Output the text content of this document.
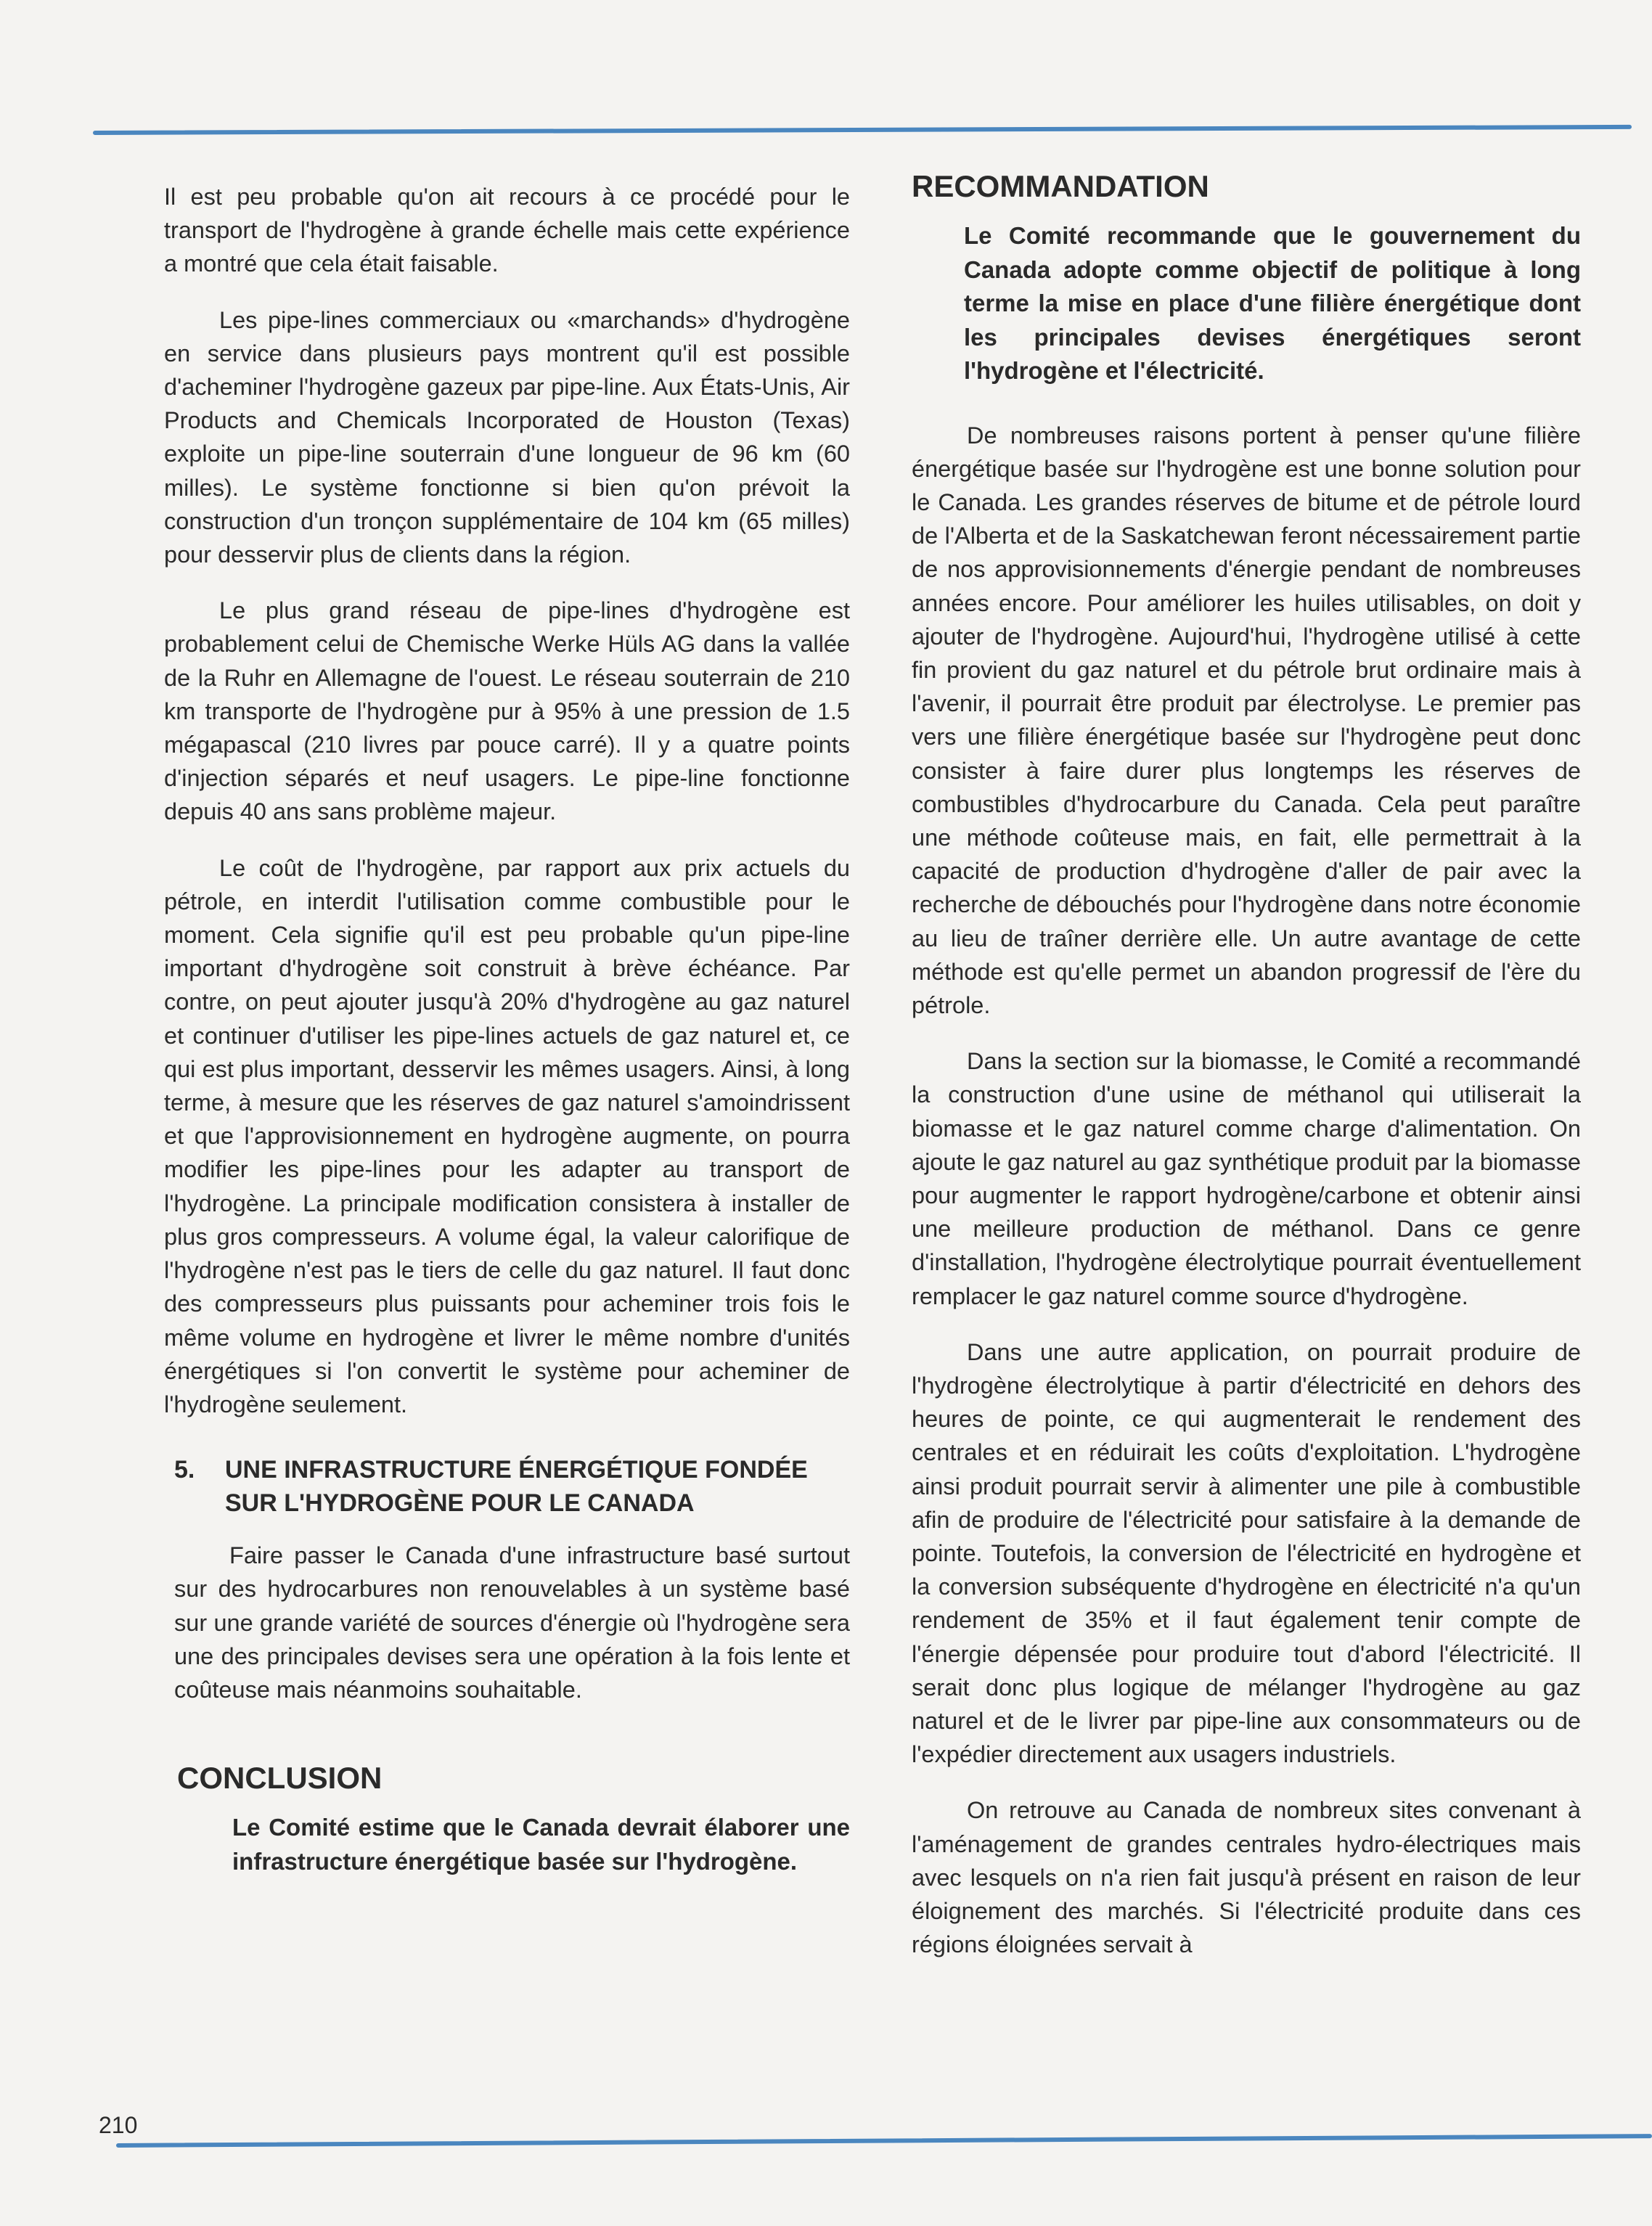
Il est peu probable qu'on ait recours à ce procédé pour le transport de l'hydrogène à grande échelle mais cette expérience a montré que cela était faisable.

Les pipe-lines commerciaux ou «marchands» d'hydrogène en service dans plusieurs pays montrent qu'il est possible d'acheminer l'hydrogène gazeux par pipe-line. Aux États-Unis, Air Products and Chemicals Incorporated de Houston (Texas) exploite un pipe-line souterrain d'une longueur de 96 km (60 milles). Le système fonctionne si bien qu'on prévoit la construction d'un tronçon supplémentaire de 104 km (65 milles) pour desservir plus de clients dans la région.

Le plus grand réseau de pipe-lines d'hydrogène est probablement celui de Chemische Werke Hüls AG dans la vallée de la Ruhr en Allemagne de l'ouest. Le réseau souterrain de 210 km transporte de l'hydrogène pur à 95% à une pression de 1.5 mégapascal (210 livres par pouce carré). Il y a quatre points d'injection séparés et neuf usagers. Le pipe-line fonctionne depuis 40 ans sans problème majeur.

Le coût de l'hydrogène, par rapport aux prix actuels du pétrole, en interdit l'utilisation comme combustible pour le moment. Cela signifie qu'il est peu probable qu'un pipe-line important d'hydrogène soit construit à brève échéance. Par contre, on peut ajouter jusqu'à 20% d'hydrogène au gaz naturel et continuer d'utiliser les pipe-lines actuels de gaz naturel et, ce qui est plus important, desservir les mêmes usagers. Ainsi, à long terme, à mesure que les réserves de gaz naturel s'amoindrissent et que l'approvisionnement en hydrogène augmente, on pourra modifier les pipe-lines pour les adapter au transport de l'hydrogène. La principale modification consistera à installer de plus gros compresseurs. A volume égal, la valeur calorifique de l'hydrogène n'est pas le tiers de celle du gaz naturel. Il faut donc des compresseurs plus puissants pour acheminer trois fois le même volume en hydrogène et livrer le même nombre d'unités énergétiques si l'on convertit le système pour acheminer de l'hydrogène seulement.

5.	UNE INFRASTRUCTURE ÉNERGÉTIQUE FONDÉE SUR L'HYDROGÈNE POUR LE CANADA

Faire passer le Canada d'une infrastructure basé surtout sur des hydrocarbures non renouvelables à un système basé sur une grande variété de sources d'énergie où l'hydrogène sera une des principales devises sera une opération à la fois lente et coûteuse mais néanmoins souhaitable.

CONCLUSION

Le Comité estime que le Canada devrait élaborer une infrastructure énergétique basée sur l'hydrogène.

RECOMMANDATION

Le Comité recommande que le gouvernement du Canada adopte comme objectif de politique à long terme la mise en place d'une filière énergétique dont les principales devises énergétiques seront l'hydrogène et l'électricité.

De nombreuses raisons portent à penser qu'une filière énergétique basée sur l'hydrogène est une bonne solution pour le Canada. Les grandes réserves de bitume et de pétrole lourd de l'Alberta et de la Saskatchewan feront nécessairement partie de nos approvisionnements d'énergie pendant de nombreuses années encore. Pour améliorer les huiles utilisables, on doit y ajouter de l'hydrogène. Aujourd'hui, l'hydrogène utilisé à cette fin provient du gaz naturel et du pétrole brut ordinaire mais à l'avenir, il pourrait être produit par électrolyse. Le premier pas vers une filière énergétique basée sur l'hydrogène peut donc consister à faire durer plus longtemps les réserves de combustibles d'hydrocarbure du Canada. Cela peut paraître une méthode coûteuse mais, en fait, elle permettrait à la capacité de production d'hydrogène d'aller de pair avec la recherche de débouchés pour l'hydrogène dans notre économie au lieu de traîner derrière elle. Un autre avantage de cette méthode est qu'elle permet un abandon progressif de l'ère du pétrole.

Dans la section sur la biomasse, le Comité a recommandé la construction d'une usine de méthanol qui utiliserait la biomasse et le gaz naturel comme charge d'alimentation. On ajoute le gaz naturel au gaz synthétique produit par la biomasse pour augmenter le rapport hydrogène/carbone et obtenir ainsi une meilleure production de méthanol. Dans ce genre d'installation, l'hydrogène électrolytique pourrait éventuellement remplacer le gaz naturel comme source d'hydrogène.

Dans une autre application, on pourrait produire de l'hydrogène électrolytique à partir d'électricité en dehors des heures de pointe, ce qui augmenterait le rendement des centrales et en réduirait les coûts d'exploitation. L'hydrogène ainsi produit pourrait servir à alimenter une pile à combustible afin de produire de l'électricité pour satisfaire à la demande de pointe. Toutefois, la conversion de l'électricité en hydrogène et la conversion subséquente d'hydrogène en électricité n'a qu'un rendement de 35% et il faut également tenir compte de l'énergie dépensée pour produire tout d'abord l'électricité. Il serait donc plus logique de mélanger l'hydrogène au gaz naturel et de le livrer par pipe-line aux consommateurs ou de l'expédier directement aux usagers industriels.

On retrouve au Canada de nombreux sites convenant à l'aménagement de grandes centrales hydro-électriques mais avec lesquels on n'a rien fait jusqu'à présent en raison de leur éloignement des marchés. Si l'électricité produite dans ces régions éloignées servait à

210
